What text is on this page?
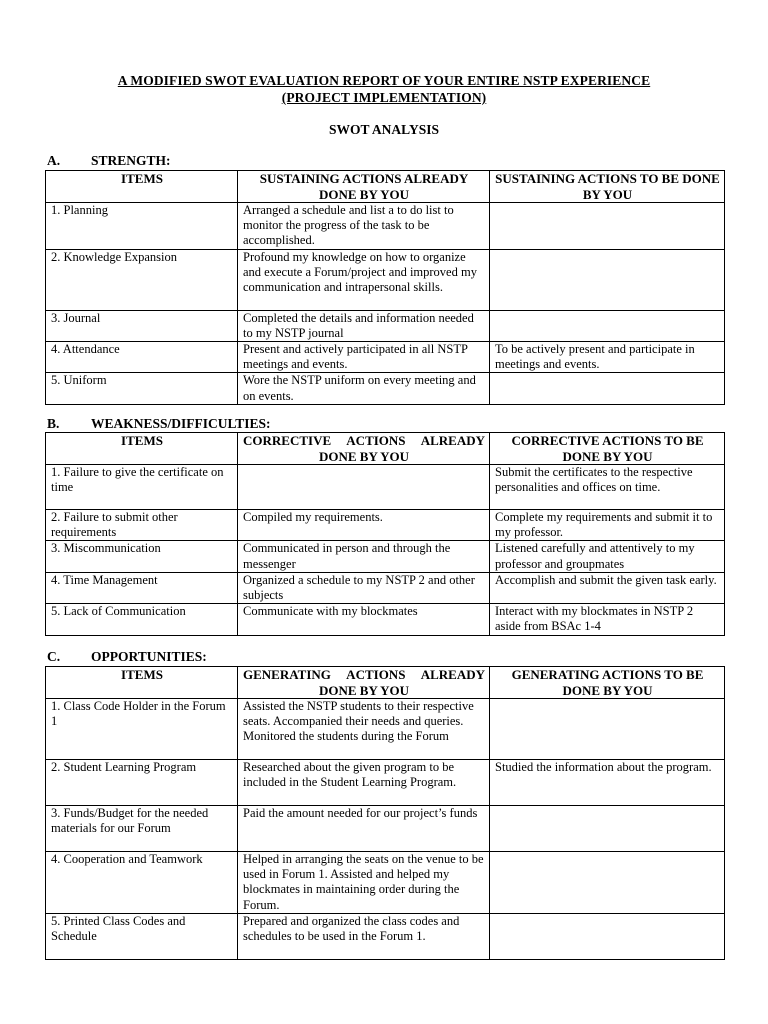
A MODIFIED SWOT EVALUATION REPORT OF YOUR ENTIRE NSTP EXPERIENCE
(PROJECT IMPLEMENTATION)
SWOT ANALYSIS
A. STRENGTH:
ITEMS	SUSTAINING ACTIONS ALREADY DONE BY YOU	SUSTAINING ACTIONS TO BE DONE BY YOU
1. Planning	Arranged a schedule and list a to do list to monitor the progress of the task to be accomplished.	
2. Knowledge Expansion	Profound my knowledge on how to organize and execute a Forum/project and improved my communication and intrapersonal skills.	
3. Journal	Completed the details and information needed to my NSTP journal	
4. Attendance	Present and actively participated in all NSTP meetings and events.	To be actively present and participate in meetings and events.
5. Uniform	Wore the NSTP uniform on every meeting and on events.	
B. WEAKNESS/DIFFICULTIES:
ITEMS	CORRECTIVE ACTIONS ALREADY DONE BY YOU	CORRECTIVE ACTIONS TO BE DONE BY YOU
1. Failure to give the certificate on time		Submit the certificates to the respective personalities and offices on time.
2. Failure to submit other requirements	Compiled my requirements.	Complete my requirements and submit it to my professor.
3. Miscommunication	Communicated in person and through the messenger	Listened carefully and attentively to my professor and groupmates
4. Time Management	Organized a schedule to my NSTP 2 and other subjects	Accomplish and submit the given task early.
5. Lack of Communication	Communicate with my blockmates	Interact with my blockmates in NSTP 2 aside from BSAc 1-4
C. OPPORTUNITIES:
ITEMS	GENERATING ACTIONS ALREADY DONE BY YOU	GENERATING ACTIONS TO BE DONE BY YOU
1. Class Code Holder in the Forum 1	Assisted the NSTP students to their respective seats. Accompanied their needs and queries. Monitored the students during the Forum	
2. Student Learning Program	Researched about the given program to be included in the Student Learning Program.	Studied the information about the program.
3. Funds/Budget for the needed materials for our Forum	Paid the amount needed for our project’s funds	
4. Cooperation and Teamwork	Helped in arranging the seats on the venue to be used in Forum 1. Assisted and helped my blockmates in maintaining order during the Forum.	
5. Printed Class Codes and Schedule	Prepared and organized the class codes and schedules to be used in the Forum 1.	
